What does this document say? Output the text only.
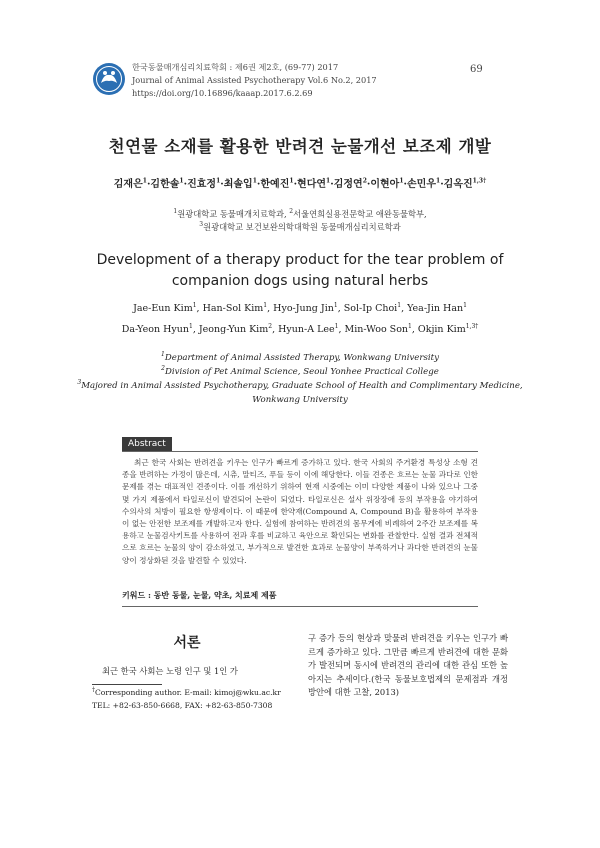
한국동물매개심리치료학회 : 제6권 제2호, (69-77) 2017
Journal of Animal Assisted Psychotherapy Vol.6 No.2, 2017
https://doi.org/10.16896/kaaap.2017.6.2.69
69
천연물 소재를 활용한 반려견 눈물개선 보조제 개발
김재은$^1$·김한솔$^1$·진효정$^1$·최솔입$^1$·한예진$^1$·현다연$^1$·김정연$^2$·이현아$^1$·손민우$^1$·김옥진$^{1,3\dagger}$
$^1$원광대학교 동물매개치료학과, $^2$서울연희실용전문학교 애완동물학부,
$^3$원광대학교 보건보완의학대학원 동물매개심리치료학과
Development of a therapy product for the tear problem of
companion dogs using natural herbs
Jae-Eun Kim$^1$, Han-Sol Kim$^1$, Hyo-Jung Jin$^1$, Sol-Ip Choi$^1$, Yea-Jin Han$^1$
Da-Yeon Hyun$^1$, Jeong-Yun Kim$^2$, Hyun-A Lee$^1$, Min-Woo Son$^1$, Okjin Kim$^{1,3\dagger}$
$^1$Department of Animal Assisted Therapy, Wonkwang University
$^2$Division of Pet Animal Science, Seoul Yonhee Practical College
$^3$Majored in Animal Assisted Psychotherapy, Graduate School of Health and Complimentary Medicine,
Wonkwang University
Abstract
최근 한국 사회는 반려견을 키우는 인구가 빠르게 증가하고 있다. 한국 사회의 주거환경 특성상 소형 견종을 반려하는 가정이 많은데, 시츄, 말티즈, 푸들 등이 이에 해당한다. 이들 견종은 흐르는 눈물 과다로 인한 문제를 겪는 대표적인 견종이다. 이를 개선하기 위하여 현재 시중에는 이미 다양한 제품이 나와 있으나 그중 몇 가지 제품에서 타일로신이 발견되어 논란이 되었다. 타일로신은 설사 위장장애 등의 부작용을 야기하여 수의사의 처방이 필요한 항생제이다. 이 때문에 한약재(Compound A, Compound B)을 활용하여 부작용이 없는 안전한 보조제를 개발하고자 한다. 실험에 참여하는 반려견의 몸무게에 비례하여 2주간 보조제를 복용하고 눈물검사키트를 사용하여 전과 후를 비교하고 육안으로 확인되는 변화를 관찰한다. 실험 결과 전체적으로 흐르는 눈물의 양이 감소하였고, 부가적으로 발견한 효과로 눈물양이 부족하거나 과다한 반려견의 눈물양이 정상화된 것을 발견할 수 있었다.
키워드 : 동반 동물, 눈물, 약초, 치료제 제품
서론
최근 한국 사회는 노령 인구 및 1인 가
†Corresponding author. E-mail: kimoj@wku.ac.kr
TEL: +82-63-850-6668, FAX: +82-63-850-7308
구 증가 등의 현상과 맞물려 반려견을 키우는 인구가 빠르게 증가하고 있다. 그만큼 빠르게 반려견에 대한 문화가 발전되며 동시에 반려견의 관리에 대한 관심 또한 높아지는 추세이다.(한국 동물보호법제의 문제점과 개정방안에 대한 고찰, 2013)
